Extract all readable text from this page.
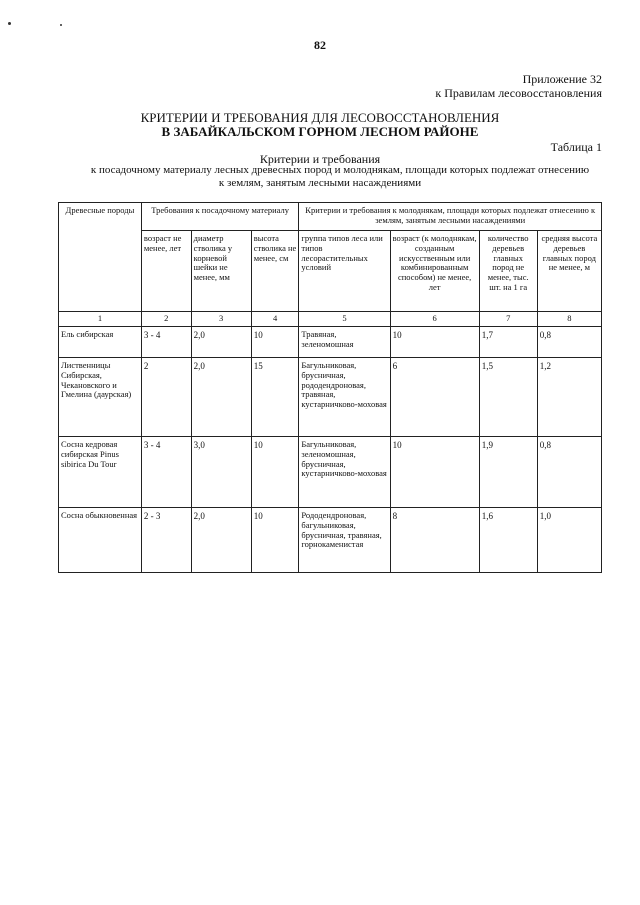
82
Приложение 32
к Правилам лесовосстановления
КРИТЕРИИ И ТРЕБОВАНИЯ ДЛЯ ЛЕСОВОССТАНОВЛЕНИЯ
В ЗАБАЙКАЛЬСКОМ ГОРНОМ ЛЕСНОМ РАЙОНЕ
Таблица 1
Критерии и требования
к посадочному материалу лесных древесных пород и молоднякам, площади которых подлежат отнесению
к землям, занятым лесными насаждениями
Древесные породы	Требования к посадочному материалу			Критерии и требования к молоднякам, площади которых подлежат отнесению к землям, занятым лесными насаждениями			
	возраст не менее, лет	диаметр стволика у корневой шейки не менее, мм	высота стволика не менее, см	группа типов леса или типов лесорастительных условий	возраст (к молоднякам, созданным искусственным или комбинированным способом) не менее, лет	количество деревьев главных пород не менее, тыс. шт. на 1 га	средняя высота деревьев главных пород не менее, м
1	2	3	4	5	6	7	8
Ель сибирская	3 - 4	2,0	10	Травяная, зеленомошная	10	1,7	0,8
Лиственницы Сибирская, Чекановского и Гмелина (даурская)	2	2,0	15	Багульниковая, брусничная, рододендроновая, травяная, кустарничково-моховая	6	1,5	1,2
Сосна кедровая сибирская Pinus sibirica Du Tour	3 - 4	3,0	10	Багульниковая, зеленомошная, брусничная, кустарничково-моховая	10	1,9	0,8
Сосна обыкновенная	2 - 3	2,0	10	Рододендроновая, багульниковая, брусничная, травяная, горнокаменистая	8	1,6	1,0
